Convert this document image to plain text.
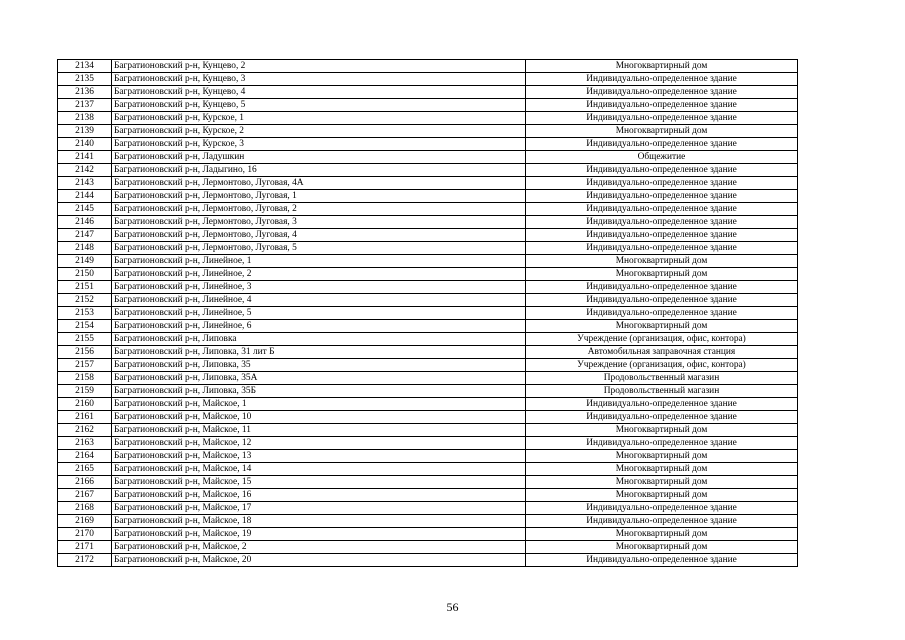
2134	Багратионовский р-н, Кунцево, 2	Многоквартирный дом
2135	Багратионовский р-н, Кунцево, 3	Индивидуально-определенное здание
2136	Багратионовский р-н, Кунцево, 4	Индивидуально-определенное здание
2137	Багратионовский р-н, Кунцево, 5	Индивидуально-определенное здание
2138	Багратионовский р-н, Курское, 1	Индивидуально-определенное здание
2139	Багратионовский р-н, Курское, 2	Многоквартирный дом
2140	Багратионовский р-н, Курское, 3	Индивидуально-определенное здание
2141	Багратионовский р-н, Ладушкин	Общежитие
2142	Багратионовский р-н, Ладыгино, 16	Индивидуально-определенное здание
2143	Багратионовский р-н, Лермонтово, Луговая, 4А	Индивидуально-определенное здание
2144	Багратионовский р-н, Лермонтово, Луговая, 1	Индивидуально-определенное здание
2145	Багратионовский р-н, Лермонтово, Луговая, 2	Индивидуально-определенное здание
2146	Багратионовский р-н, Лермонтово, Луговая, 3	Индивидуально-определенное здание
2147	Багратионовский р-н, Лермонтово, Луговая, 4	Индивидуально-определенное здание
2148	Багратионовский р-н, Лермонтово, Луговая, 5	Индивидуально-определенное здание
2149	Багратионовский р-н, Линейное, 1	Многоквартирный дом
2150	Багратионовский р-н, Линейное, 2	Многоквартирный дом
2151	Багратионовский р-н, Линейное, 3	Индивидуально-определенное здание
2152	Багратионовский р-н, Линейное, 4	Индивидуально-определенное здание
2153	Багратионовский р-н, Линейное, 5	Индивидуально-определенное здание
2154	Багратионовский р-н, Линейное, 6	Многоквартирный дом
2155	Багратионовский р-н, Липовка	Учреждение (организация, офис, контора)
2156	Багратионовский р-н, Липовка, 31 лит Б	Автомобильная заправочная станция
2157	Багратионовский р-н, Липовка, 35	Учреждение (организация, офис, контора)
2158	Багратионовский р-н, Липовка, 35А	Продовольственный магазин
2159	Багратионовский р-н, Липовка, 35Б	Продовольственный магазин
2160	Багратионовский р-н, Майское, 1	Индивидуально-определенное здание
2161	Багратионовский р-н, Майское, 10	Индивидуально-определенное здание
2162	Багратионовский р-н, Майское, 11	Многоквартирный дом
2163	Багратионовский р-н, Майское, 12	Индивидуально-определенное здание
2164	Багратионовский р-н, Майское, 13	Многоквартирный дом
2165	Багратионовский р-н, Майское, 14	Многоквартирный дом
2166	Багратионовский р-н, Майское, 15	Многоквартирный дом
2167	Багратионовский р-н, Майское, 16	Многоквартирный дом
2168	Багратионовский р-н, Майское, 17	Индивидуально-определенное здание
2169	Багратионовский р-н, Майское, 18	Индивидуально-определенное здание
2170	Багратионовский р-н, Майское, 19	Многоквартирный дом
2171	Багратионовский р-н, Майское, 2	Многоквартирный дом
2172	Багратионовский р-н, Майское, 20	Индивидуально-определенное здание
56
